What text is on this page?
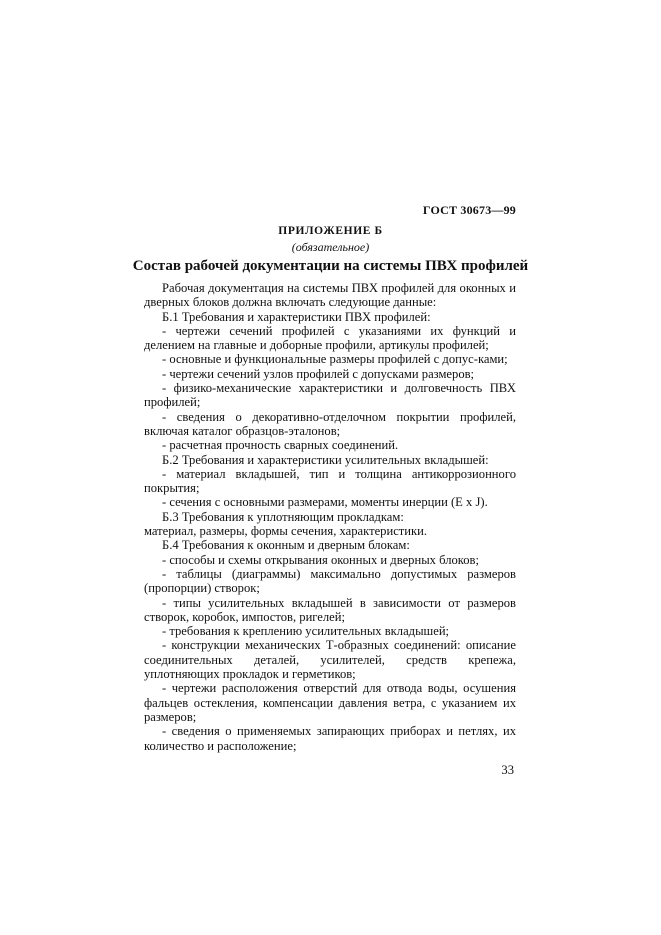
ГОСТ 30673—99
ПРИЛОЖЕНИЕ Б
(обязательное)
Состав рабочей документации на системы ПВХ профилей

Рабочая документация на системы ПВХ профилей для оконных и дверных блоков должна включать следующие данные:

Б.1 Требования и характеристики ПВХ профилей:

- чертежи сечений профилей с указаниями их функций и делением на главные и доборные профили, артикулы профилей;

- основные и функциональные размеры профилей с допус-ками;

- чертежи сечений узлов профилей с допусками размеров;

- физико-механические характеристики и долговечность ПВХ профилей;

- сведения о декоративно-отделочном покрытии профилей, включая каталог образцов-эталонов;

- расчетная прочность сварных соединений.

Б.2 Требования и характеристики усилительных вкладышей:

- материал вкладышей, тип и толщина антикоррозионного покрытия;

- сечения с основными размерами, моменты инерции (E x J).

Б.3 Требования к уплотняющим прокладкам:

материал, размеры, формы сечения, характеристики.

Б.4 Требования к оконным и дверным блокам:

- способы и схемы открывания оконных и дверных блоков;

- таблицы (диаграммы) максимально допустимых размеров (пропорции) створок;

- типы усилительных вкладышей в зависимости от размеров створок, коробок, импостов, ригелей;

- требования к креплению усилительных вкладышей;

- конструкции механических Т-образных соединений: описание соединительных деталей, усилителей, средств крепежа, уплотняющих прокладок и герметиков;

- чертежи расположения отверстий для отвода воды, осушения фальцев остекления, компенсации давления ветра, с указанием их размеров;

- сведения о применяемых запирающих приборах и петлях, их количество и расположение;

33
